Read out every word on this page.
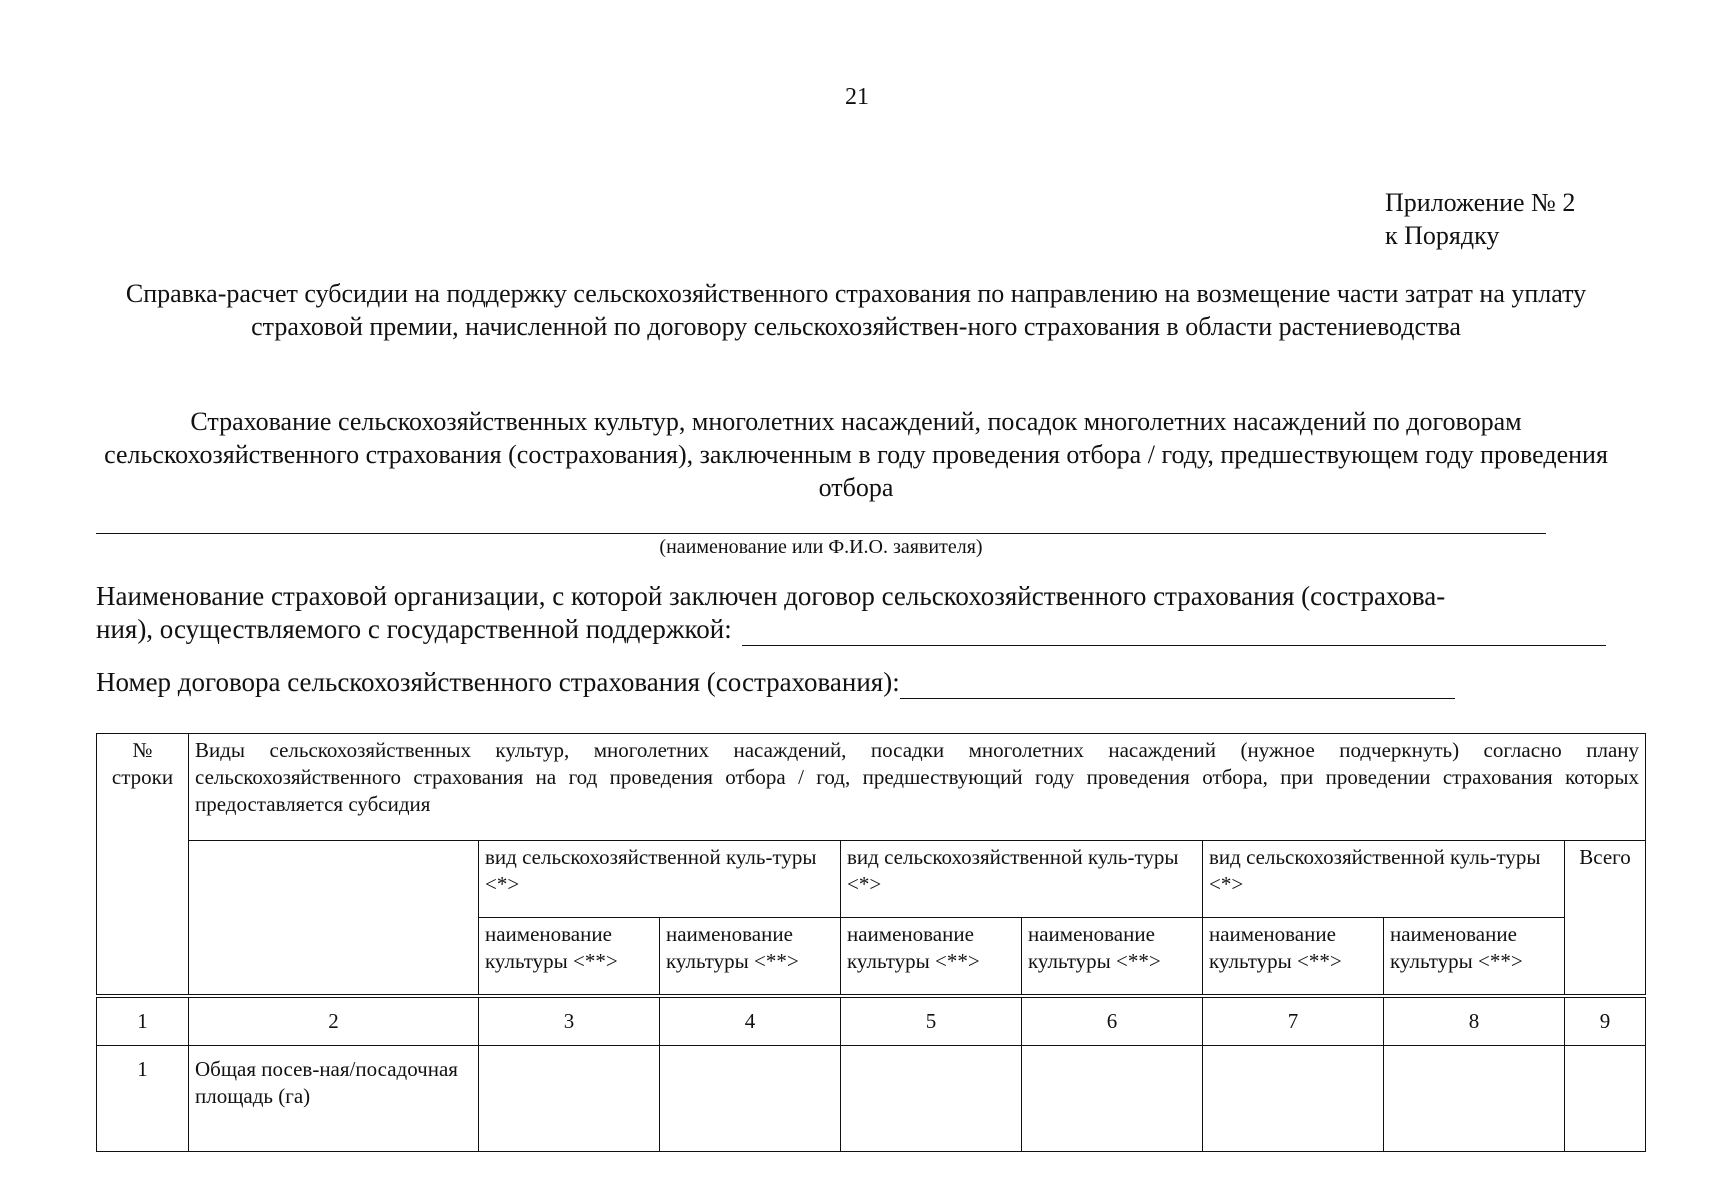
21
Приложение № 2
к Порядку
Справка-расчет субсидии на поддержку сельскохозяйственного страхования по направлению на возмещение части затрат на уплату страховой премии, начисленной по договору сельскохозяйствен-ного страхования в области растениеводства
Страхование сельскохозяйственных культур, многолетних насаждений, посадок многолетних насаждений по договорам сельскохозяйственного страхования (сострахования), заключенным в году проведения отбора / году, предшествующем году проведения отбора
(наименование или Ф.И.О. заявителя)
Наименование страховой организации, с которой заключен договор сельскохозяйственного страхования (сострахова-
ния), осуществляемого с государственной поддержкой:
Номер договора сельскохозяйственного страхования (сострахования):
№ строки	Виды сельскохозяйственных культур, многолетних насаждений, посадки многолетних насаждений (нужное подчеркнуть) согласно плану сельскохозяйственного страхования на год проведения отбора / год, предшествующий году проведения отбора, при проведении страхования которых предоставляется субсидия							
		вид сельскохозяйственной куль-туры <*>		вид сельскохозяйственной куль-туры <*>		вид сельскохозяйственной куль-туры <*>		Всего
		наименование культуры <**>	наименование культуры <**>	наименование культуры <**>	наименование культуры <**>	наименование культуры <**>	наименование культуры <**>	
1	2	3	4	5	6	7	8	9
1	Общая посев-ная/посадочная площадь (га)							
